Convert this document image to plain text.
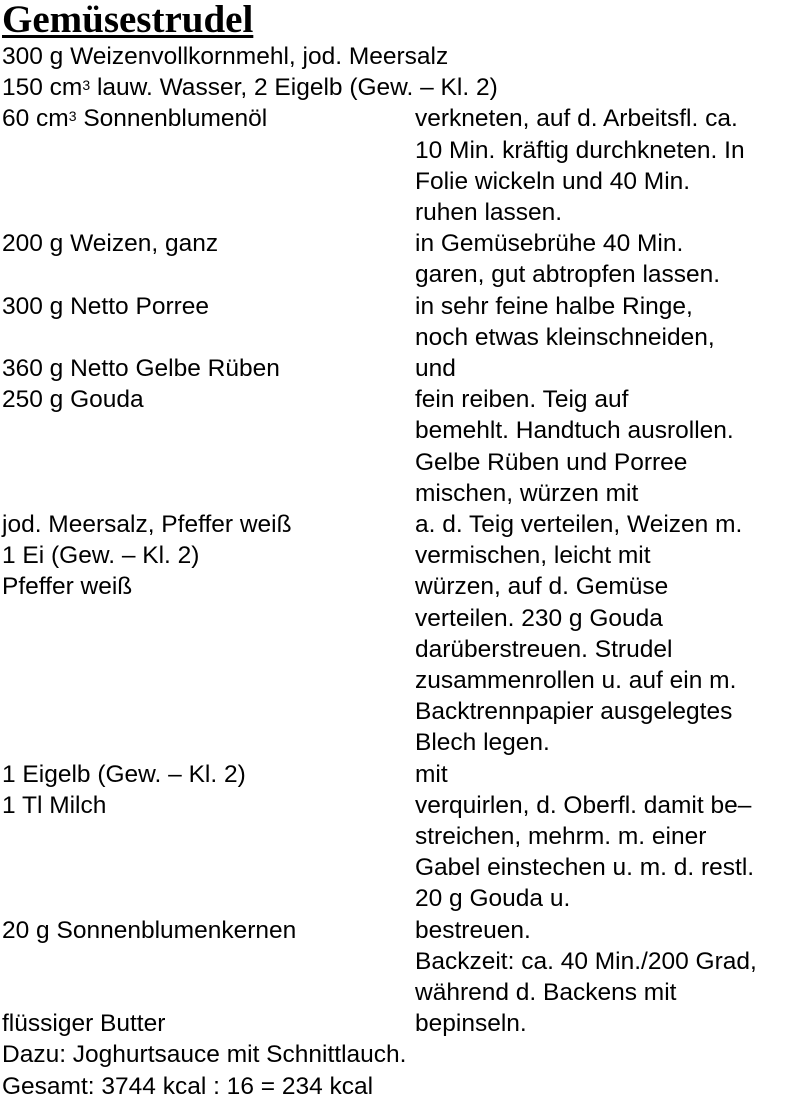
Gemüsestrudel
300 g Weizenvollkornmehl, jod. Meersalz
150 $cm^3$ lauw. Wasser, 2 Eigelb (Gew. – Kl. 2)
60 $cm^3$ Sonnenblumenöl	verkneten, auf d. Arbeitsfl. ca.
10 Min. kräftig durchkneten. In
Folie wickeln und 40 Min.
ruhen lassen.
200 g Weizen, ganz	in Gemüsebrühe 40 Min.
garen, gut abtropfen lassen.
300 g Netto Porree	in sehr feine halbe Ringe,
noch etwas kleinschneiden,
360 g Netto Gelbe Rüben	und
250 g Gouda	fein reiben. Teig auf
bemehlt. Handtuch ausrollen.
Gelbe Rüben und Porree
mischen, würzen mit
jod. Meersalz, Pfeffer weiß	a. d. Teig verteilen, Weizen m.
1 Ei (Gew. – Kl. 2)	vermischen, leicht mit
Pfeffer weiß	würzen, auf d. Gemüse
verteilen. 230 g Gouda
darüberstreuen. Strudel
zusammenrollen u. auf ein m.
Backtrennpapier ausgelegtes
Blech legen.
1 Eigelb (Gew. – Kl. 2)	mit
1 Tl Milch	verquirlen, d. Oberfl. damit be–
streichen, mehrm. m. einer
Gabel einstechen u. m. d. restl.
20 g Gouda u.
20 g Sonnenblumenkernen	bestreuen.
Backzeit: ca. 40 Min./200 Grad,
während d. Backens mit
flüssiger Butter	bepinseln.
Dazu: Joghurtsauce mit Schnittlauch.
Gesamt: 3744 kcal : 16 = 234 kcal
